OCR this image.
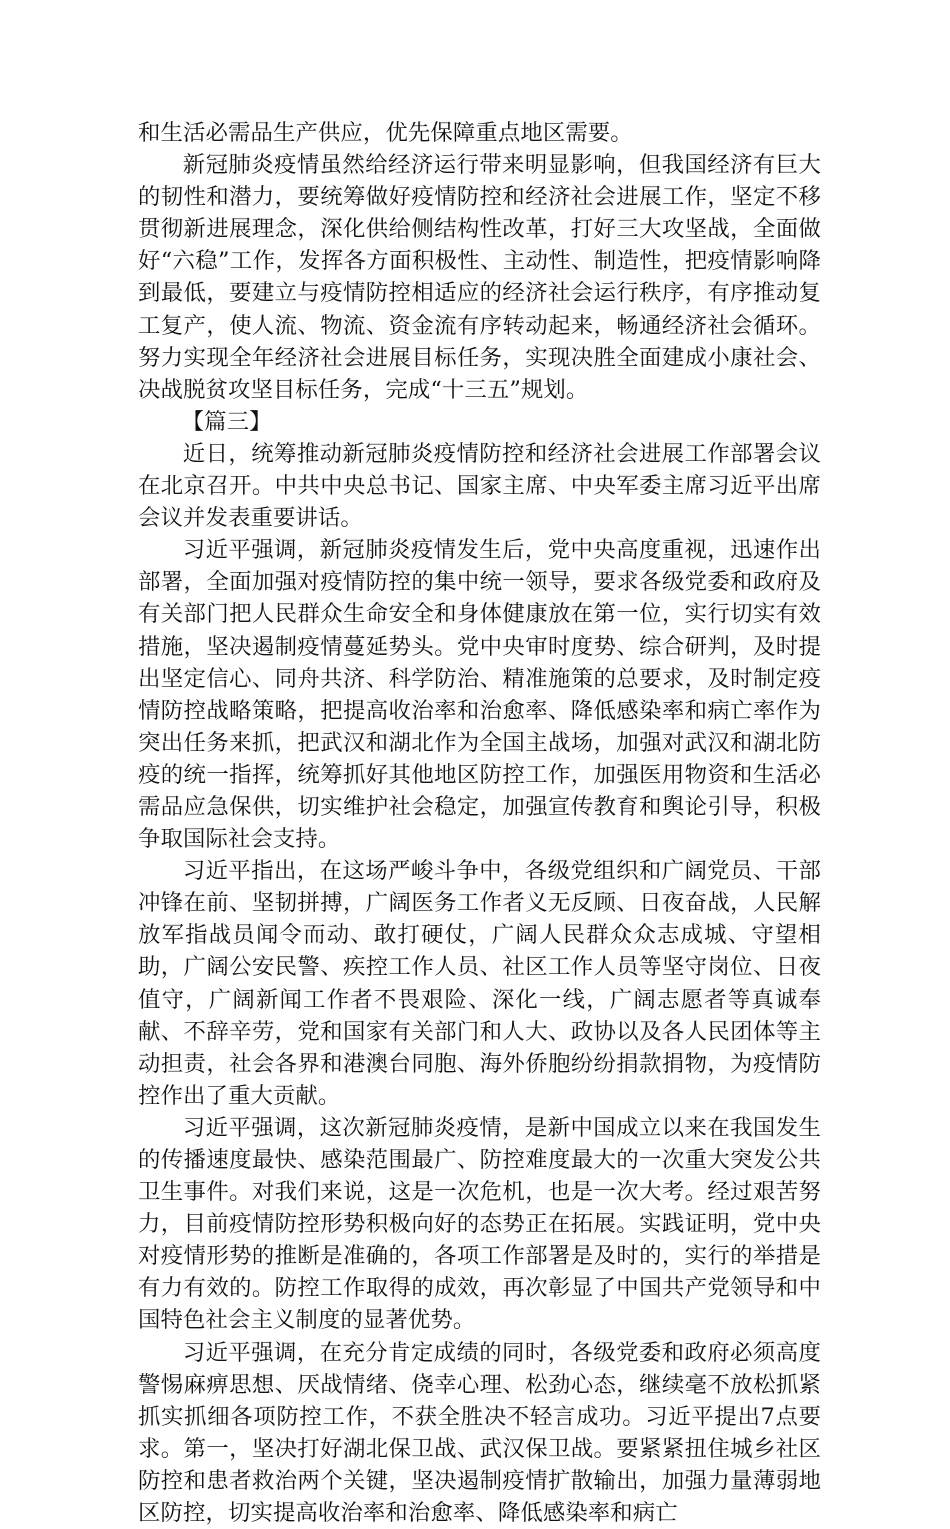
和生活必需品生产供应，优先保障重点地区需要。

新冠肺炎疫情虽然给经济运行带来明显影响，但我国经济有巨大的韧性和潜力，要统筹做好疫情防控和经济社会进展工作，坚定不移贯彻新进展理念，深化供给侧结构性改革，打好三大攻坚战，全面做好“六稳”工作，发挥各方面积极性、主动性、制造性，把疫情影响降到最低，要建立与疫情防控相适应的经济社会运行秩序，有序推动复工复产，使人流、物流、资金流有序转动起来，畅通经济社会循环。努力实现全年经济社会进展目标任务，实现决胜全面建成小康社会、决战脱贫攻坚目标任务，完成“十三五”规划。

【篇三】

近日，统筹推动新冠肺炎疫情防控和经济社会进展工作部署会议在北京召开。中共中央总书记、国家主席、中央军委主席习近平出席会议并发表重要讲话。

习近平强调，新冠肺炎疫情发生后，党中央高度重视，迅速作出部署，全面加强对疫情防控的集中统一领导，要求各级党委和政府及有关部门把人民群众生命安全和身体健康放在第一位，实行切实有效措施，坚决遏制疫情蔓延势头。党中央审时度势、综合研判，及时提出坚定信心、同舟共济、科学防治、精准施策的总要求，及时制定疫情防控战略策略，把提高收治率和治愈率、降低感染率和病亡率作为突出任务来抓，把武汉和湖北作为全国主战场，加强对武汉和湖北防疫的统一指挥，统筹抓好其他地区防控工作，加强医用物资和生活必需品应急保供，切实维护社会稳定，加强宣传教育和舆论引导，积极争取国际社会支持。

习近平指出，在这场严峻斗争中，各级党组织和广阔党员、干部冲锋在前、坚韧拼搏，广阔医务工作者义无反顾、日夜奋战，人民解放军指战员闻令而动、敢打硬仗，广阔人民群众众志成城、守望相助，广阔公安民警、疾控工作人员、社区工作人员等坚守岗位、日夜值守，广阔新闻工作者不畏艰险、深化一线，广阔志愿者等真诚奉献、不辞辛劳，党和国家有关部门和人大、政协以及各人民团体等主动担责，社会各界和港澳台同胞、海外侨胞纷纷捐款捐物，为疫情防控作出了重大贡献。

习近平强调，这次新冠肺炎疫情，是新中国成立以来在我国发生的传播速度最快、感染范围最广、防控难度最大的一次重大突发公共卫生事件。对我们来说，这是一次危机，也是一次大考。经过艰苦努力，目前疫情防控形势积极向好的态势正在拓展。实践证明，党中央对疫情形势的推断是准确的，各项工作部署是及时的，实行的举措是有力有效的。防控工作取得的成效，再次彰显了中国共产党领导和中国特色社会主义制度的显著优势。

习近平强调，在充分肯定成绩的同时，各级党委和政府必须高度警惕麻痹思想、厌战情绪、侥幸心理、松劲心态，继续毫不放松抓紧抓实抓细各项防控工作，不获全胜决不轻言成功。习近平提出7点要求。第一，坚决打好湖北保卫战、武汉保卫战。要紧紧扭住城乡社区防控和患者救治两个关键，坚决遏制疫情扩散输出，加强力量薄弱地区防控，切实提高收治率和治愈率、降低感染率和病亡
